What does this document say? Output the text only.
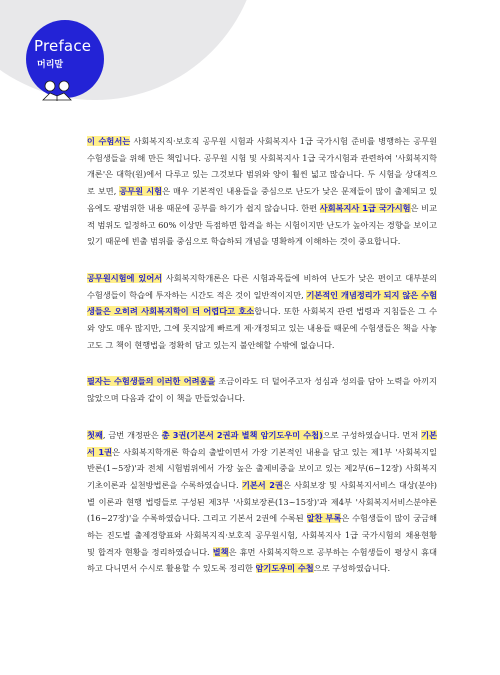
Preface
머리말

이 수험서는 사회복지직·보호직 공무원 시험과 사회복지사 1급 국가시험 준비를 병행하는 공무원 수험생들을 위해 만든 책입니다. 공무원 시험 및 사회복지사 1급 국가시험과 관련하여 '사회복지학개론'은 대학(원)에서 다루고 있는 그것보다 범위와 양이 훨씬 넓고 많습니다. 두 시험을 상대적으로 보면, 공무원 시험은 매우 기본적인 내용들을 중심으로 난도가 낮은 문제들이 많이 출제되고 있음에도 광범위한 내용 때문에 공부를 하기가 쉽지 않습니다. 한편 사회복지사 1급 국가시험은 비교적 범위도 일정하고 60% 이상만 득점하면 합격을 하는 시험이지만 난도가 높아지는 경향을 보이고 있기 때문에 빈출 범위를 중심으로 학습하되 개념을 명확하게 이해하는 것이 중요합니다.

공무원시험에 있어서 사회복지학개론은 다른 시험과목들에 비하여 난도가 낮은 편이고 대부분의 수험생들이 학습에 투자하는 시간도 적은 것이 일반적이지만, 기본적인 개념정리가 되지 않은 수험생들은 오히려 사회복지학이 더 어렵다고 호소합니다. 또한 사회복지 관련 법령과 지침들은 그 수와 양도 매우 많지만, 그에 못지않게 빠르게 제·개정되고 있는 내용들 때문에 수험생들은 책을 사놓고도 그 책이 현행법을 정확히 담고 있는지 불안해할 수밖에 없습니다.

필자는 수험생들의 이러한 어려움을 조금이라도 더 덜어주고자 성심과 성의를 담아 노력을 아끼지 않았으며 다음과 같이 이 책을 만들었습니다.

첫째, 금번 개정판은 총 3권(기본서 2권과 별책 암기도우미 수첩)으로 구성하였습니다. 먼저 기본서 1권은 사회복지학개론 학습의 출발이면서 가장 기본적인 내용을 담고 있는 제1부 '사회복지일반론(1~5장)'과 전체 시험범위에서 가장 높은 출제비중을 보이고 있는 제2부(6~12장) 사회복지기초이론과 실천방법론을 수록하였습니다. 기본서 2권은 사회보장 및 사회복지서비스 대상(분야)별 이론과 현행 법령들로 구성된 제3부 '사회보장론(13~15장)'과 제4부 '사회복지서비스분야론(16~27장)'을 수록하였습니다. 그리고 기본서 2권에 수록된 알찬 부록은 수험생들이 많이 궁금해하는 진도별 출제경향표와 사회복지직·보호직 공무원시험, 사회복지사 1급 국가시험의 채용현황 및 합격자 현황을 정리하였습니다. 별책은 휴먼 사회복지학으로 공부하는 수험생들이 평상시 휴대하고 다니면서 수시로 활용할 수 있도록 정리한 암기도우미 수첩으로 구성하였습니다.
